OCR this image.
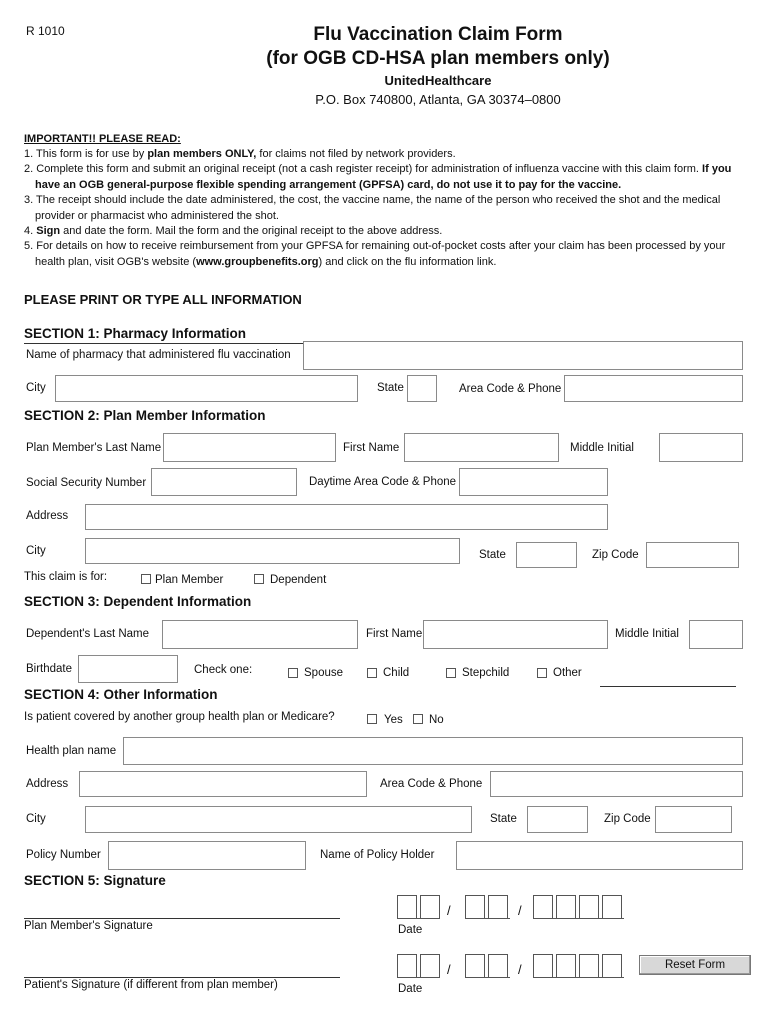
R 1010	Flu Vaccination Claim Form
(for OGB CD-HSA plan members only)
UnitedHealthcare
P.O. Box 740800, Atlanta, GA 30374–0800
IMPORTANT!! PLEASE READ:
1. This form is for use by plan members ONLY, for claims not filed by network providers.
2. Complete this form and submit an original receipt (not a cash register receipt) for administration of influenza vaccine with this claim form. If you have an OGB general-purpose flexible spending arrangement (GPFSA) card, do not use it to pay for the vaccine.
3. The receipt should include the date administered, the cost, the vaccine name, the name of the person who received the shot and the medical provider or pharmacist who administered the shot.
4. Sign and date the form. Mail the form and the original receipt to the above address.
5. For details on how to receive reimbursement from your GPFSA for remaining out-of-pocket costs after your claim has been processed by your health plan, visit OGB's website (www.groupbenefits.org) and click on the flu information link.
PLEASE PRINT OR TYPE ALL INFORMATION
SECTION 1: Pharmacy Information
Name of pharmacy that administered flu vaccination
City	State	Area Code & Phone
SECTION 2: Plan Member Information
Plan Member's Last Name	First Name	Middle Initial
Social Security Number	Daytime Area Code & Phone
Address
City	State	Zip Code
This claim is for:	Plan Member	Dependent
SECTION 3: Dependent Information
Dependent's Last Name	First Name	Middle Initial
Birthdate	Check one:	Spouse	Child	Stepchild	Other
SECTION 4: Other Information
Is patient covered by another group health plan or Medicare?	Yes No
Health plan name
Address	Area Code & Phone
City	State	Zip Code
Policy Number	Name of Policy Holder
SECTION 5: Signature
Plan Member's Signature
/	/
Date
Patient's Signature (if different from plan member)
/	/
Date
Reset Form
